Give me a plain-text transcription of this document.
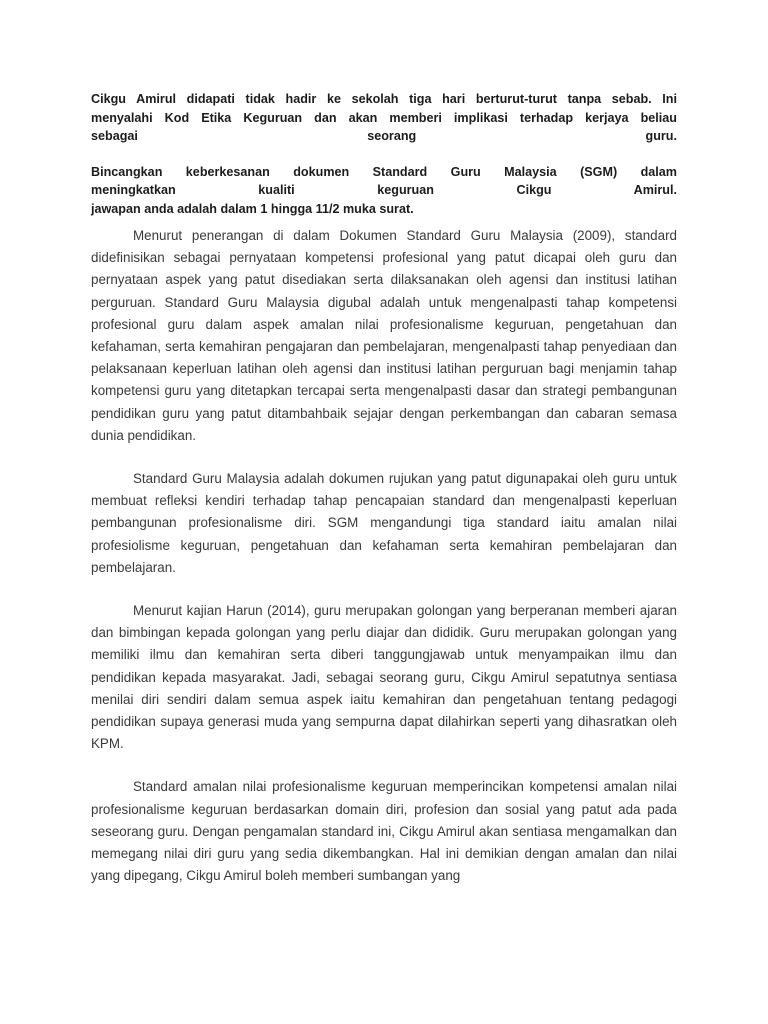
Cikgu Amirul didapati tidak hadir ke sekolah tiga hari berturut-turut tanpa sebab. Ini
menyalahi Kod Etika Keguruan dan akan memberi implikasi terhadap kerjaya beliau
sebagai seorang guru.

Bincangkan keberkesanan dokumen Standard Guru Malaysia (SGM) dalam
meningkatkan kualiti keguruan Cikgu Amirul.
jawapan anda adalah dalam 1 hingga 11/2 muka surat.

Menurut penerangan di dalam Dokumen Standard Guru Malaysia (2009), standard didefinisikan sebagai pernyataan kompetensi profesional yang patut dicapai oleh guru dan pernyataan aspek yang patut disediakan serta dilaksanakan oleh agensi dan institusi latihan perguruan. Standard Guru Malaysia digubal adalah untuk mengenalpasti tahap kompetensi profesional guru dalam aspek amalan nilai profesionalisme keguruan, pengetahuan dan kefahaman, serta kemahiran pengajaran dan pembelajaran, mengenalpasti tahap penyediaan dan pelaksanaan keperluan latihan oleh agensi dan institusi latihan perguruan bagi menjamin tahap kompetensi guru yang ditetapkan tercapai serta mengenalpasti dasar dan strategi pembangunan pendidikan guru yang patut ditambahbaik sejajar dengan perkembangan dan cabaran semasa dunia pendidikan.

Standard Guru Malaysia adalah dokumen rujukan yang patut digunapakai oleh guru untuk membuat refleksi kendiri terhadap tahap pencapaian standard dan mengenalpasti keperluan pembangunan profesionalisme diri. SGM mengandungi tiga standard iaitu amalan nilai profesiolisme keguruan, pengetahuan dan kefahaman serta kemahiran pembelajaran dan pembelajaran.

Menurut kajian Harun (2014), guru merupakan golongan yang berperanan memberi ajaran dan bimbingan kepada golongan yang perlu diajar dan dididik. Guru merupakan golongan yang memiliki ilmu dan kemahiran serta diberi tanggungjawab untuk menyampaikan ilmu dan pendidikan kepada masyarakat. Jadi, sebagai seorang guru, Cikgu Amirul sepatutnya sentiasa menilai diri sendiri dalam semua aspek iaitu kemahiran dan pengetahuan tentang pedagogi pendidikan supaya generasi muda yang sempurna dapat dilahirkan seperti yang dihasratkan oleh KPM.

Standard amalan nilai profesionalisme keguruan memperincikan kompetensi amalan nilai profesionalisme keguruan berdasarkan domain diri, profesion dan sosial yang patut ada pada seseorang guru. Dengan pengamalan standard ini, Cikgu Amirul akan sentiasa mengamalkan dan memegang nilai diri guru yang sedia dikembangkan. Hal ini demikian dengan amalan dan nilai yang dipegang, Cikgu Amirul boleh memberi sumbangan yang
